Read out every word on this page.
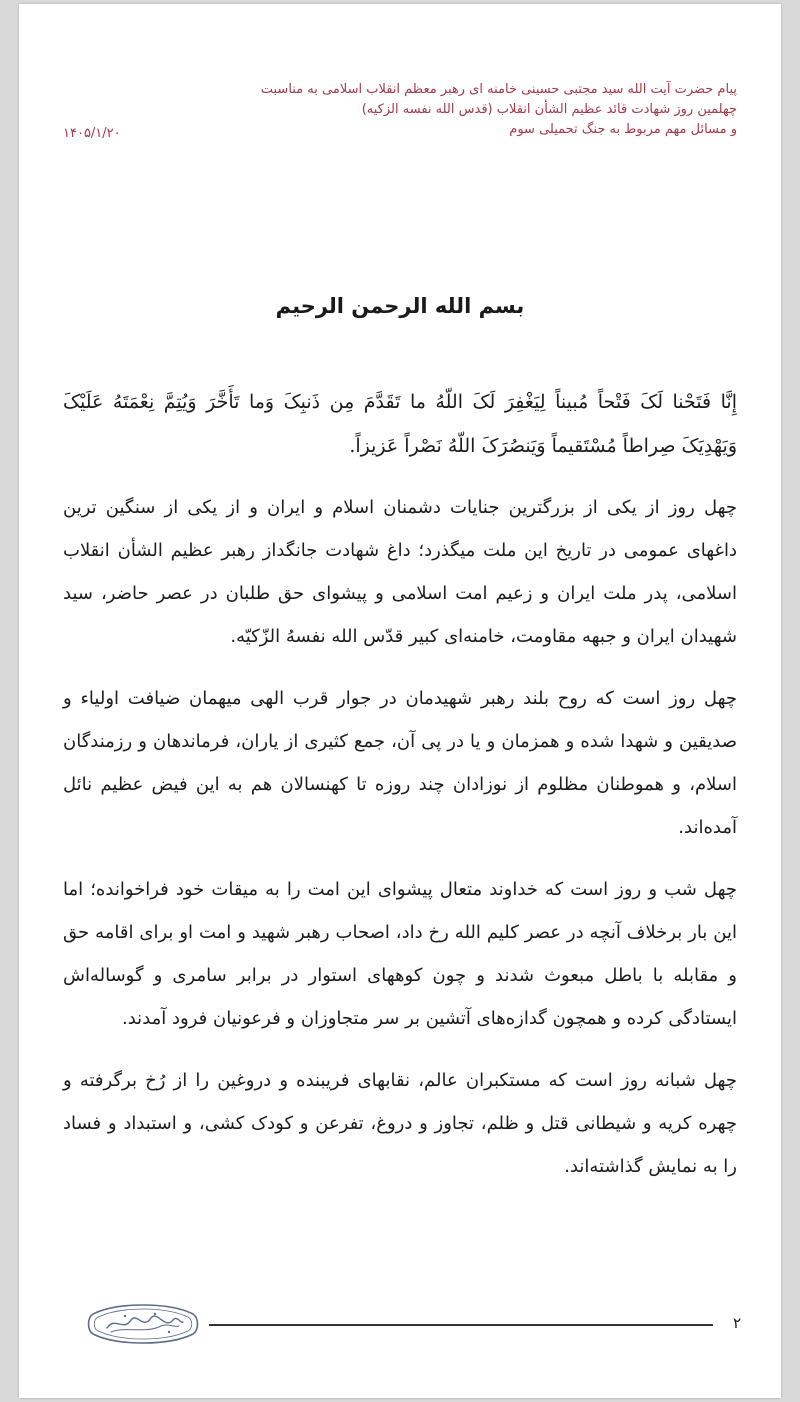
پیام حضرت آیت الله سید مجتبی حسینی خامنه ای رهبر معظم انقلاب اسلامی به مناسبت
چهلمین روز شهادت قائد عظیم الشأن انقلاب (قدس الله نفسه الزکیه)
و مسائل مهم مربوط به جنگ تحمیلی سوم
۱۴۰۵/۱/۲۰
بسم الله الرحمن الرحیم

إِنَّا فَتَحْنا لَکَ فَتْحاً مُبیناً لِیَغْفِرَ لَکَ اللّهُ ما تَقَدَّمَ مِن ذَنبِکَ وَما تَأَخَّرَ وَیُتِمَّ نِعْمَتَهُ عَلَیْکَ وَیَهْدِیَکَ صِراطاً مُسْتَقیماً وَیَنصُرَکَ اللّهُ نَصْراً عَزیزاً.

چهل روز از یکی از بزرگترین جنایات دشمنان اسلام و ایران و از یکی از سنگین ترین داغهای عمومی در تاریخ این ملت میگذرد؛ داغ شهادت جانگداز رهبر عظیم الشأن انقلاب اسلامی، پدر ملت ایران و زعیم امت اسلامی و پیشوای حق طلبان در عصر حاضر، سید شهیدان ایران و جبهه مقاومت، خامنه‌ای کبیر قدّس الله نفسهُ الزّکیّه.

چهل روز است که روح بلند رهبر شهیدمان در جوار قرب الهی میهمان ضیافت اولیاء و صدیقین و شهدا شده و همزمان و یا در پی آن، جمع کثیری از یاران، فرماندهان و رزمندگان اسلام، و هموطنان مظلوم از نوزادان چند روزه تا کهنسالان هم به این فیض عظیم نائل آمده‌اند.

چهل شب و روز است که خداوند متعال پیشوای این امت را به میقات خود فراخوانده؛ اما این بار برخلاف آنچه در عصر کلیم الله رخ داد، اصحاب رهبر شهید و امت او برای اقامه حق و مقابله با باطل مبعوث شدند و چون کوههای استوار در برابر سامری و گوساله‌اش ایستادگی کرده و همچون گدازه‌های آتشین بر سر متجاوزان و فرعونیان فرود آمدند.

چهل شبانه روز است که مستکبران عالم، نقابهای فریبنده و دروغین را از رُخ برگرفته و چهره کریه و شیطانی قتل و ظلم، تجاوز و دروغ، تفرعن و کودک کشی، و استبداد و فساد را به نمایش گذاشته‌اند.

۲
